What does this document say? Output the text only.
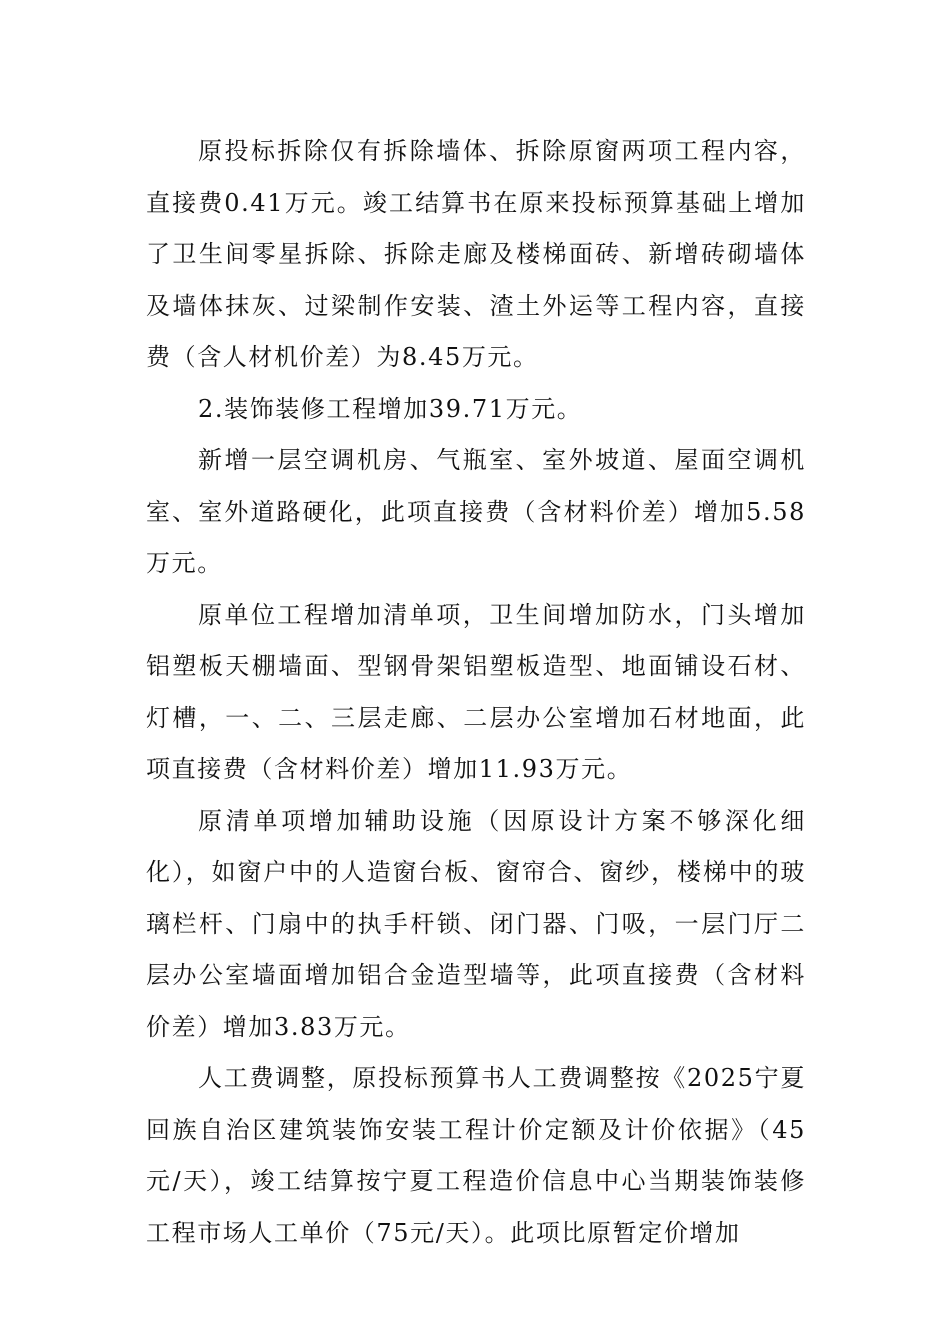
原投标拆除仅有拆除墙体、拆除原窗两项工程内容，直接费0.41万元。竣工结算书在原来投标预算基础上增加了卫生间零星拆除、拆除走廊及楼梯面砖、新增砖砌墙体及墙体抹灰、过梁制作安装、渣土外运等工程内容，直接费（含人材机价差）为8.45万元。

2.装饰装修工程增加39.71万元。

新增一层空调机房、气瓶室、室外坡道、屋面空调机室、室外道路硬化，此项直接费（含材料价差）增加5.58万元。

原单位工程增加清单项，卫生间增加防水，门头增加铝塑板天棚墙面、型钢骨架铝塑板造型、地面铺设石材、灯槽，一、二、三层走廊、二层办公室增加石材地面，此项直接费（含材料价差）增加11.93万元。

原清单项增加辅助设施（因原设计方案不够深化细化），如窗户中的人造窗台板、窗帘合、窗纱，楼梯中的玻璃栏杆、门扇中的执手杆锁、闭门器、门吸，一层门厅二层办公室墙面增加铝合金造型墙等，此项直接费（含材料价差）增加3.83万元。

人工费调整，原投标预算书人工费调整按《2025宁夏回族自治区建筑装饰安装工程计价定额及计价依据》（45元/天），竣工结算按宁夏工程造价信息中心当期装饰装修工程市场人工单价（75元/天）。此项比原暂定价增加
